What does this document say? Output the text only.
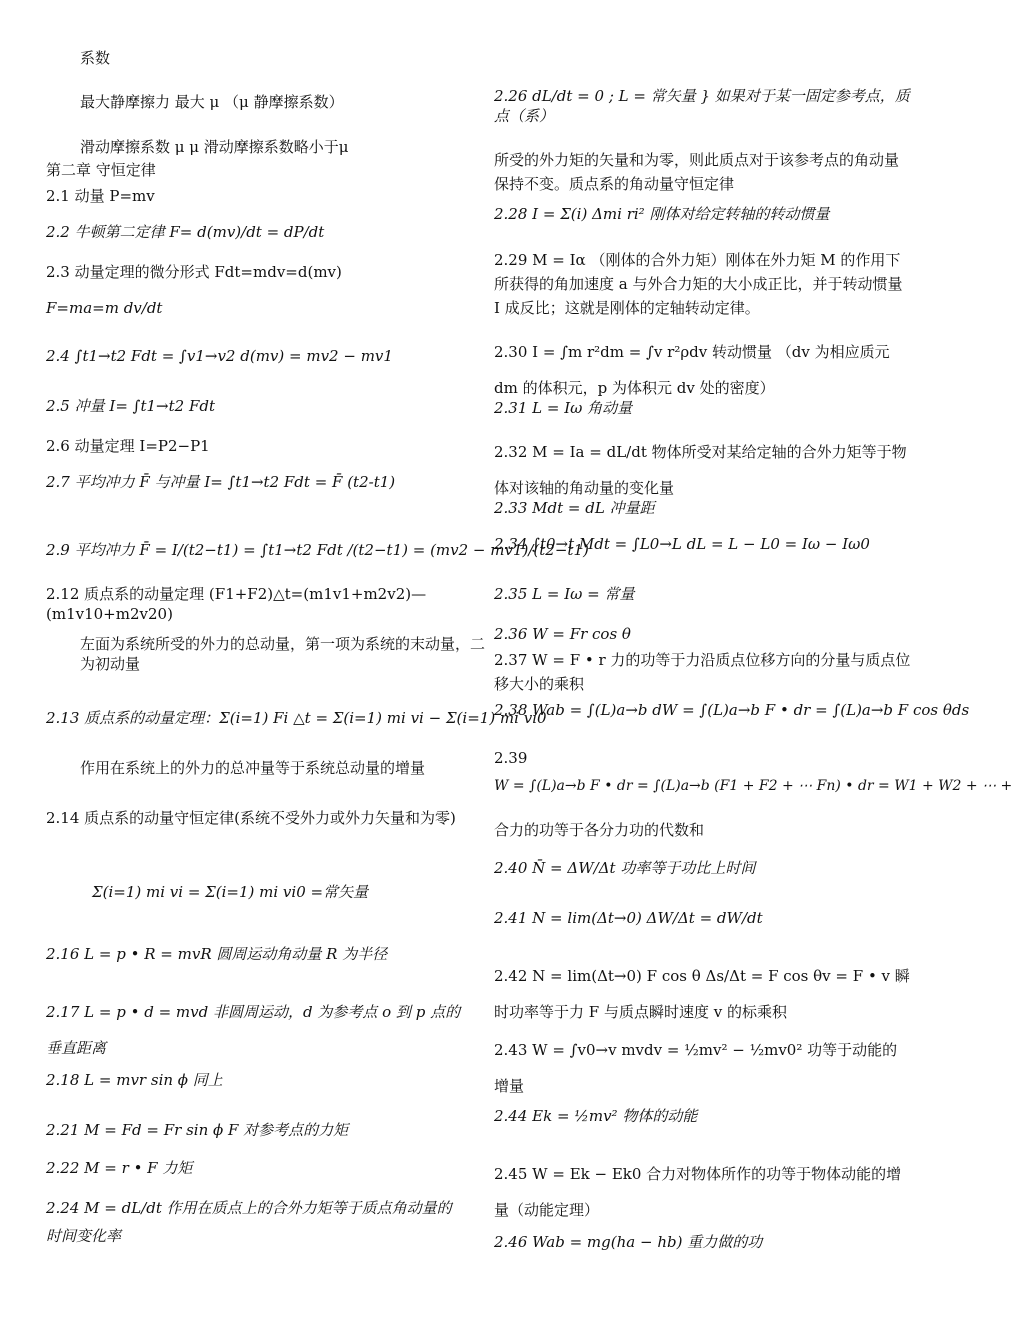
系数
最大静摩擦力 最大 μ （μ 静摩擦系数）
滑动摩擦系数 μ μ 滑动摩擦系数略小于μ
第二章 守恒定律
2.1 动量 P=mv
2.2 牛顿第二定律 F= d(mv)/dt = dP/dt
2.3 动量定理的微分形式 Fdt=mdv=d(mv)
F=ma=m dv/dt
2.4 ∫t1→t2 Fdt = ∫v1→v2 d(mv) = mv2 − mv1
2.5 冲量 I= ∫t1→t2 Fdt
2.6 动量定理 I=P2−P1
2.7 平均冲力 F̄ 与冲量 I= ∫t1→t2 Fdt = F̄ (t2-t1)
2.9 平均冲力 F̄ = I/(t2−t1) = ∫t1→t2 Fdt /(t2−t1) = (mv2 − mv1)/(t2−t1)
2.12 质点系的动量定理 (F1+F2)△t=(m1v1+m2v2)—(m1v10+m2v20)
左面为系统所受的外力的总动量，第一项为系统的末动量，二为初动量
2.13 质点系的动量定理：Σ(i=1) Fi △t = Σ(i=1) mi vi − Σ(i=1) mi vi0
作用在系统上的外力的总冲量等于系统总动量的增量
2.14 质点系的动量守恒定律(系统不受外力或外力矢量和为零)
Σ(i=1) mi vi = Σ(i=1) mi vi0 =常矢量
2.16 L = p • R = mvR 圆周运动角动量 R 为半径
2.17 L = p • d = mvd 非圆周运动，d 为参考点 o 到 p 点的垂直距离
2.18 L = mvr sin ϕ 同上
2.21 M = Fd = Fr sin ϕ F 对参考点的力矩
2.22 M = r • F 力矩
2.24 M = dL/dt 作用在质点上的合外力矩等于质点角动量的时间变化率
2.26 dL/dt = 0 ; L = 常矢量 } 如果对于某一固定参考点，质点（系）
所受的外力矩的矢量和为零，则此质点对于该参考点的角动量保持不变。质点系的角动量守恒定律
2.28 I = Σ(i) Δmi ri² 刚体对给定转轴的转动惯量
2.29 M = Iα （刚体的合外力矩）刚体在外力矩 M 的作用下所获得的角加速度 a 与外合力矩的大小成正比，并于转动惯量 I 成反比；这就是刚体的定轴转动定律。
2.30 I = ∫m r²dm = ∫v r²ρdv 转动惯量 （dv 为相应质元 dm 的体积元，p 为体积元 dv 处的密度）
2.31 L = Iω 角动量
2.32 M = Ia = dL/dt 物体所受对某给定轴的合外力矩等于物体对该轴的角动量的变化量
2.33 Mdt = dL 冲量距
2.34 ∫t0→t Mdt = ∫L0→L dL = L − L0 = Iω − Iω0
2.35 L = Iω = 常量
2.36 W = Fr cos θ
2.37 W = F • r 力的功等于力沿质点位移方向的分量与质点位移大小的乘积
2.38 Wab = ∫(L)a→b dW = ∫(L)a→b F • dr = ∫(L)a→b F cos θds
2.39
W = ∫(L)a→b F • dr = ∫(L)a→b (F1 + F2 + ⋯ Fn) • dr = W1 + W2 + ⋯ +
合力的功等于各分力功的代数和
2.40 N̄ = ΔW/Δt 功率等于功比上时间
2.41 N = lim(Δt→0) ΔW/Δt = dW/dt
2.42 N = lim(Δt→0) F cos θ Δs/Δt = F cos θv = F • v 瞬时功率等于力 F 与质点瞬时速度 v 的标乘积
2.43 W = ∫v0→v mvdv = ½mv² − ½mv0² 功等于动能的增量
2.44 Ek = ½mv² 物体的动能
2.45 W = Ek − Ek0 合力对物体所作的功等于物体动能的增量（动能定理）
2.46 Wab = mg(ha − hb) 重力做的功
